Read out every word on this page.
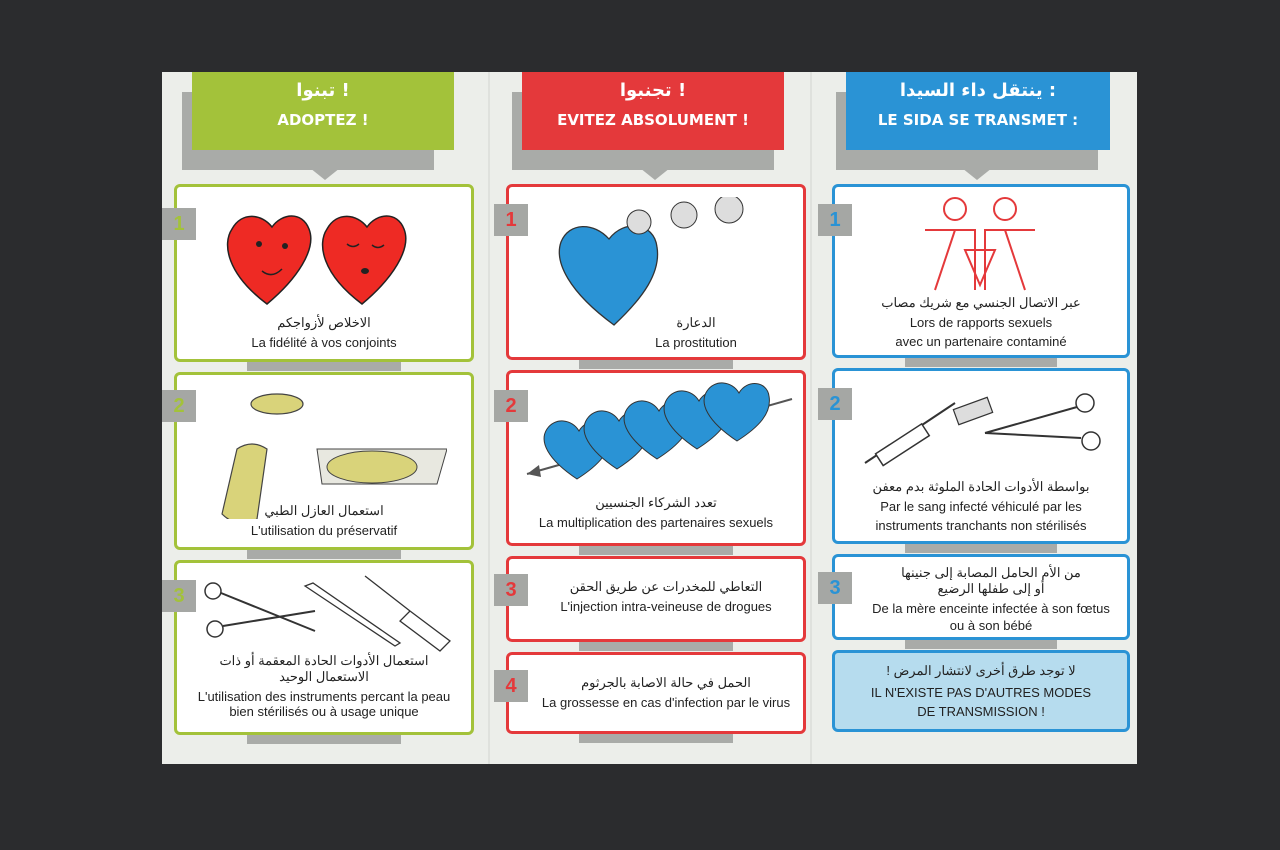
تبنوا !
ADOPTEZ !
الاخلاص لأزواجكم
La fidélité à vos conjoints
1
استعمال العازل الطبي
L'utilisation du préservatif
2
استعمال الأدوات الحادة المعقمة أو ذات الاستعمال الوحيد
L'utilisation des instruments percant la peau bien stérilisés ou à usage unique
3
تجنبوا !
EVITEZ ABSOLUMENT !
الدعارة
La prostitution
1
تعدد الشركاء الجنسيين
La multiplication des partenaires sexuels
2
التعاطي للمخدرات عن طريق الحقن
L'injection intra-veineuse de drogues
3
الحمل في حالة الاصابة بالجرثوم
La grossesse en cas d'infection par le virus
4
ينتقل داء السيدا :
LE SIDA SE TRANSMET :
عبر الاتصال الجنسي مع شريك مصاب
Lors de rapports sexuels
avec un partenaire contaminé
1
بواسطة الأدوات الحادة الملوثة بدم معفن
Par le sang infecté véhiculé par les
instruments tranchants non stérilisés
2
من الأم الحامل المصابة إلى جنينها
أو إلى طفلها الرضيع
De la mère enceinte infectée à son fœtus
ou à son bébé
3
لا توجد طرق أخرى لانتشار المرض !
IL N'EXISTE PAS D'AUTRES MODES
DE TRANSMISSION !
